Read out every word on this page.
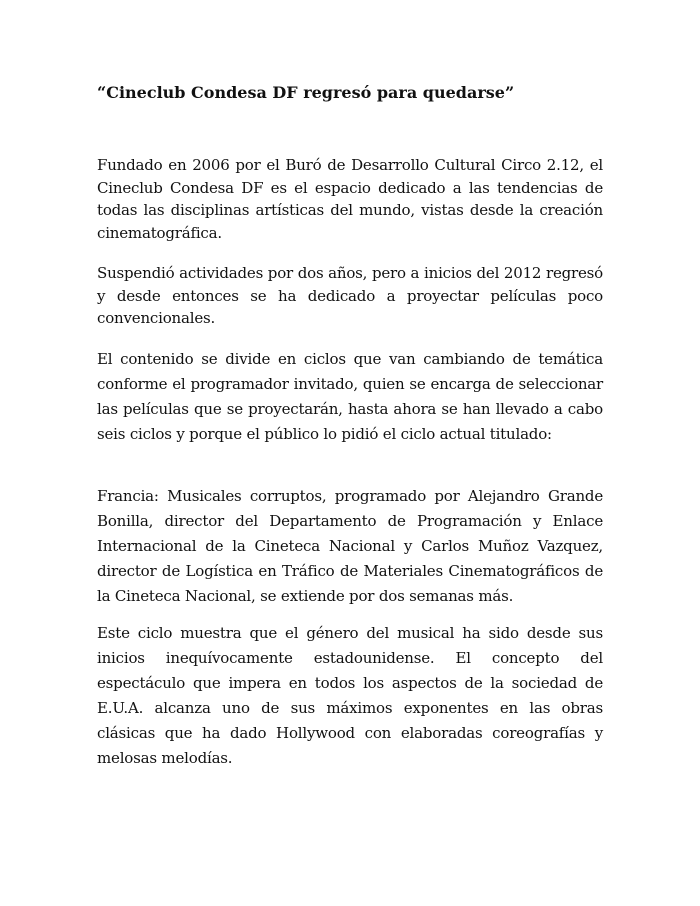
“Cineclub Condesa DF regresó para quedarse”

Fundado en 2006 por el Buró de Desarrollo Cultural Circo 2.12, el Cineclub Condesa DF es el espacio dedicado a las tendencias de todas las disciplinas artísticas del mundo, vistas desde la creación cinematográfica.

Suspendió actividades por dos años, pero a inicios del 2012 regresó y desde entonces se ha dedicado a proyectar películas poco convencionales.

El contenido se divide en ciclos que van cambiando de temática conforme el programador invitado, quien se encarga de seleccionar las películas que se proyectarán, hasta ahora se han llevado a cabo seis ciclos y porque el público lo pidió el ciclo actual titulado:

Francia: Musicales corruptos, programado por Alejandro Grande Bonilla, director del Departamento de Programación y Enlace Internacional de la Cineteca Nacional y Carlos Muñoz Vazquez, director de Logística en Tráfico de Materiales Cinematográficos de la Cineteca Nacional, se extiende por dos semanas más.

Este ciclo muestra que el género del musical ha sido desde sus inicios inequívocamente estadounidense. El concepto del espectáculo que impera en todos los aspectos de la sociedad de E.U.A. alcanza uno de sus máximos exponentes en las obras clásicas que ha dado Hollywood con elaboradas coreografías y melosas melodías.
